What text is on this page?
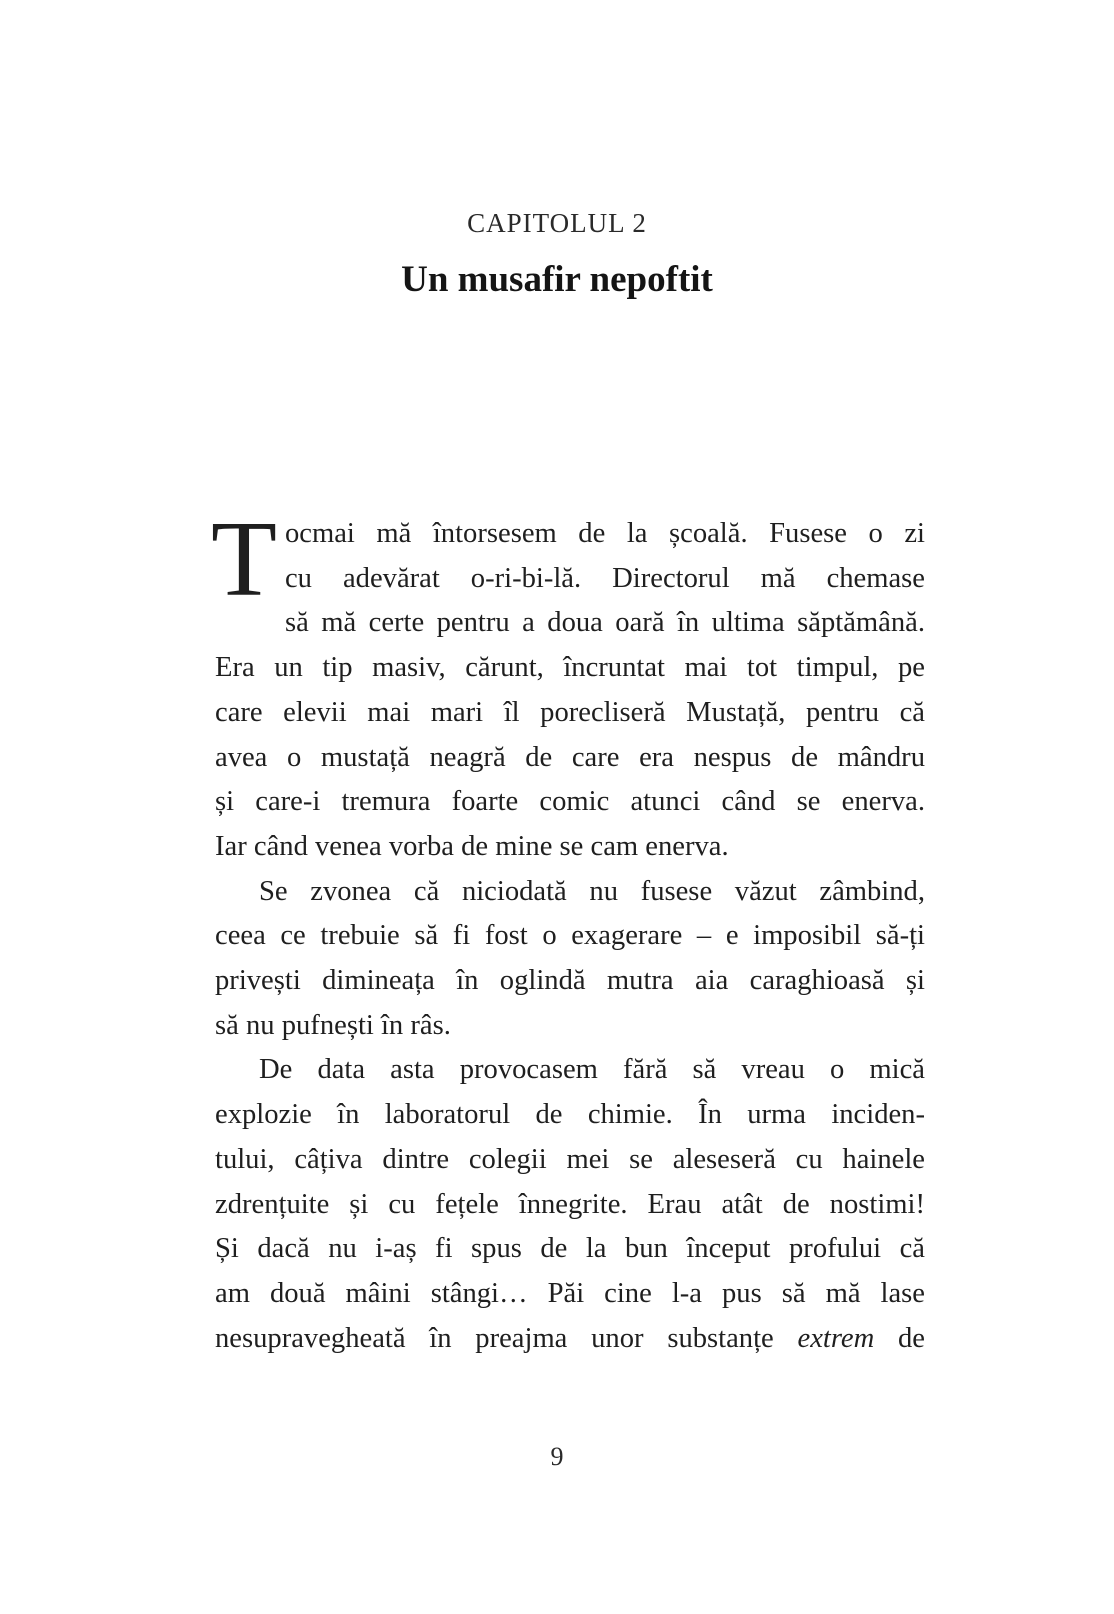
CAPITOLUL 2
Un musafir nepoftit
T ocmai mă întorsesem de la școală. Fusese o zi
cu adevărat o-ri-bi-lă. Directorul mă chemase
să mă certe pentru a doua oară în ultima săptămână.
Era un tip masiv, cărunt, încruntat mai tot timpul, pe
care elevii mai mari îl porecliseră Mustață, pentru că
avea o mustață neagră de care era nespus de mândru
și care-i tremura foarte comic atunci când se enerva.
Iar când venea vorba de mine se cam enerva.
Se zvonea că niciodată nu fusese văzut zâmbind,
ceea ce trebuie să fi fost o exagerare – e imposibil să-ți
privești dimineața în oglindă mutra aia caraghioasă și
să nu pufnești în râs.
De data asta provocasem fără să vreau o mică
explozie în laboratorul de chimie. În urma inciden-
tului, câțiva dintre colegii mei se aleseseră cu hainele
zdrențuite și cu fețele înnegrite. Erau atât de nostimi!
Și dacă nu i-aș fi spus de la bun început profului că
am două mâini stângi… Păi cine l-a pus să mă lase
nesupravegheată în preajma unor substanțe extrem de
9
